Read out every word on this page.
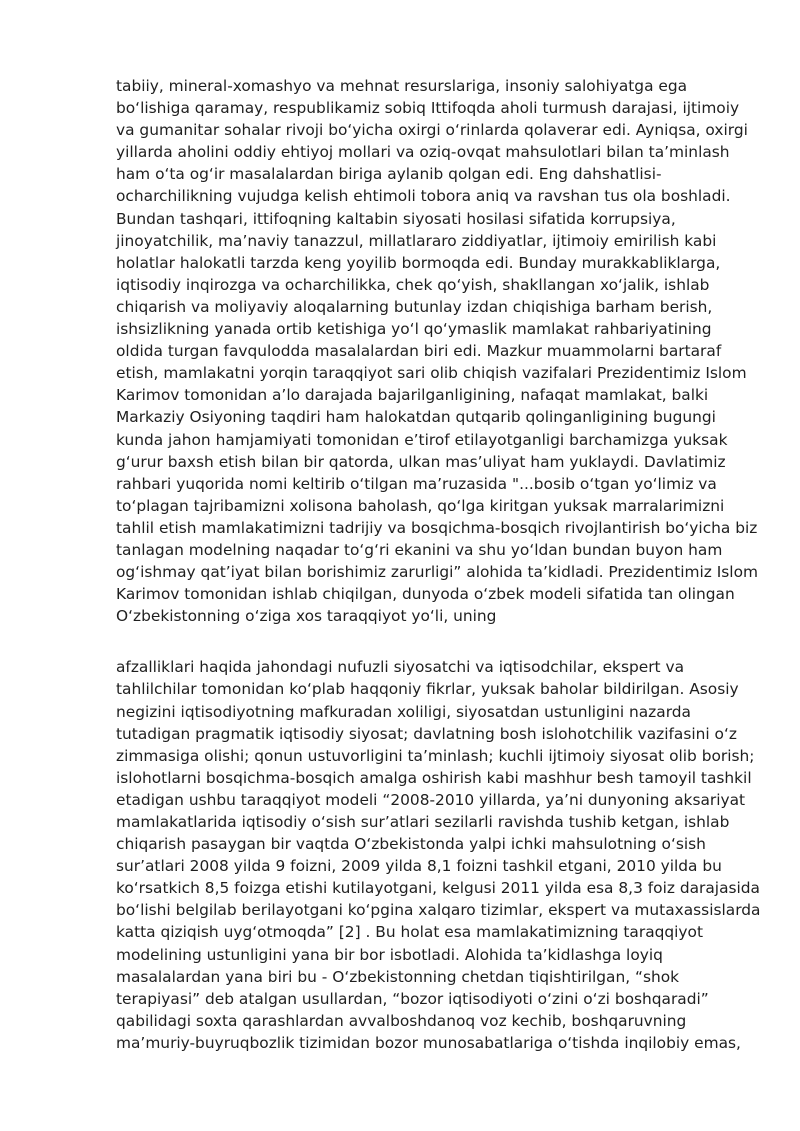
tabiiy, mineral-xomashyo va mehnat resurslariga, insoniy salohiyatga ega
bo‘lishiga qaramay, respublikamiz sobiq Ittifoqda aholi turmush darajasi, ijtimoiy
va gumanitar sohalar rivoji bo‘yicha oxirgi o‘rinlarda qolaverar edi. Ayniqsa, oxirgi
yillarda aholini oddiy ehtiyoj mollari va oziq-ovqat mahsulotlari bilan ta’minlash
ham o‘ta og‘ir masalalardan biriga aylanib qolgan edi. Eng dahshatlisi-
ocharchilikning vujudga kelish ehtimoli tobora aniq va ravshan tus ola boshladi.
Bundan tashqari, ittifoqning kaltabin siyosati hosilasi sifatida korrupsiya,
jinoyatchilik, ma’naviy tanazzul, millatlararo ziddiyatlar, ijtimoiy emirilish kabi
holatlar halokatli tarzda keng yoyilib bormoqda edi. Bunday murakkabliklarga,
iqtisodiy inqirozga va ocharchilikka, chek qo‘yish, shakllangan xo‘jalik, ishlab
chiqarish va moliyaviy aloqalarning butunlay izdan chiqishiga barham berish,
ishsizlikning yanada ortib ketishiga yo‘l qo‘ymaslik mamlakat rahbariyatining
oldida turgan favqulodda masalalardan biri edi. Mazkur muammolarni bartaraf
etish, mamlakatni yorqin taraqqiyot sari olib chiqish vazifalari Prezidentimiz Islom
Karimov tomonidan a’lo darajada bajarilganligining, nafaqat mamlakat, balki
Markaziy Osiyoning taqdiri ham halokatdan qutqarib qolinganligining bugungi
kunda jahon hamjamiyati tomonidan e’tirof etilayotganligi barchamizga yuksak
g‘urur baxsh etish bilan bir qatorda, ulkan mas’uliyat ham yuklaydi. Davlatimiz
rahbari yuqorida nomi keltirib o‘tilgan ma’ruzasida "...bosib o‘tgan yo‘limiz va
to‘plagan tajribamizni xolisona baholash, qo‘lga kiritgan yuksak marralarimizni
tahlil etish mamlakatimizni tadrijiy va bosqichma-bosqich rivojlantirish bo‘yicha biz
tanlagan modelning naqadar to‘g‘ri ekanini va shu yo‘ldan bundan buyon ham
og‘ishmay qat’iyat bilan borishimiz zarurligi” alohida ta’kidladi. Prezidentimiz Islom
Karimov tomonidan ishlab chiqilgan, dunyoda o‘zbek modeli sifatida tan olingan
O‘zbekistonning o‘ziga xos taraqqiyot yo‘li, uning
afzalliklari haqida jahondagi nufuzli siyosatchi va iqtisodchilar, ekspert va
tahlilchilar tomonidan ko‘plab haqqoniy fikrlar, yuksak baholar bildirilgan. Asosiy
negizini iqtisodiyotning mafkuradan xoliligi, siyosatdan ustunligini nazarda
tutadigan pragmatik iqtisodiy siyosat; davlatning bosh islohotchilik vazifasini o‘z
zimmasiga olishi; qonun ustuvorligini ta’minlash; kuchli ijtimoiy siyosat olib borish;
islohotlarni bosqichma-bosqich amalga oshirish kabi mashhur besh tamoyil tashkil
etadigan ushbu taraqqiyot modeli “2008-2010 yillarda, ya’ni dunyoning aksariyat
mamlakatlarida iqtisodiy o‘sish sur’atlari sezilarli ravishda tushib ketgan, ishlab
chiqarish pasaygan bir vaqtda O‘zbekistonda yalpi ichki mahsulotning o‘sish
sur’atlari 2008 yilda 9 foizni, 2009 yilda 8,1 foizni tashkil etgani, 2010 yilda bu
ko‘rsatkich 8,5 foizga etishi kutilayotgani, kelgusi 2011 yilda esa 8,3 foiz darajasida
bo‘lishi belgilab berilayotgani ko‘pgina xalqaro tizimlar, ekspert va mutaxassislarda
katta qiziqish uyg‘otmoqda” [2] . Bu holat esa mamlakatimizning taraqqiyot
modelining ustunligini yana bir bor isbotladi. Alohida ta’kidlashga loyiq
masalalardan yana biri bu - O‘zbekistonning chetdan tiqishtirilgan, “shok
terapiyasi” deb atalgan usullardan, “bozor iqtisodiyoti o‘zini o‘zi boshqaradi”
qabilidagi soxta qarashlardan avvalboshdanoq voz kechib, boshqaruvning
ma’muriy-buyruqbozlik tizimidan bozor munosabatlariga o‘tishda inqilobiy emas,
